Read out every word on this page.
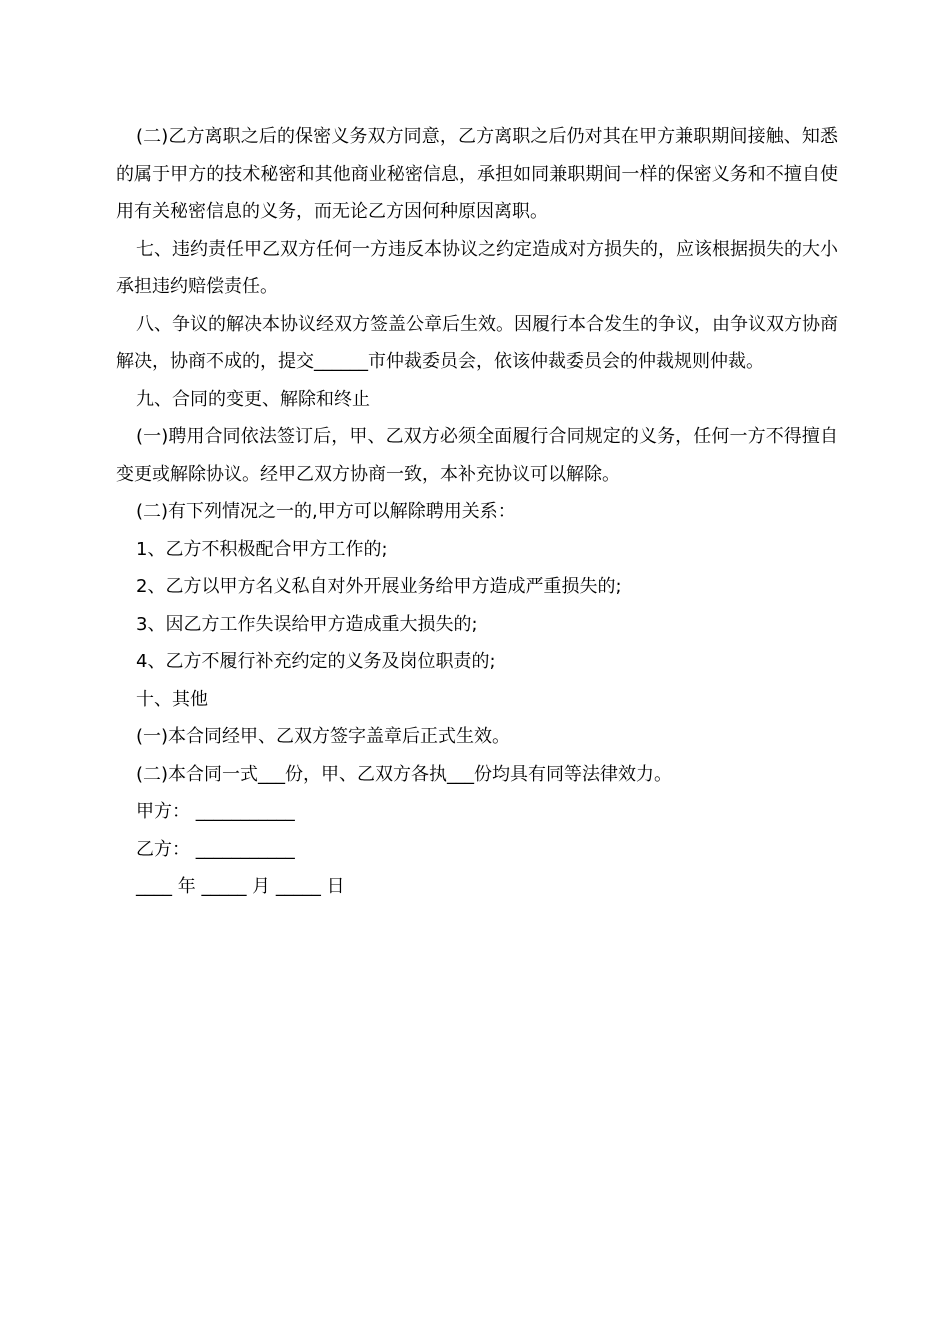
(二)乙方离职之后的保密义务双方同意，乙方离职之后仍对其在甲方兼职期间接触、知悉的属于甲方的技术秘密和其他商业秘密信息，承担如同兼职期间一样的保密义务和不擅自使用有关秘密信息的义务，而无论乙方因何种原因离职。

七、违约责任甲乙双方任何一方违反本协议之约定造成对方损失的，应该根据损失的大小承担违约赔偿责任。

八、争议的解决本协议经双方签盖公章后生效。因履行本合发生的争议，由争议双方协商解决，协商不成的，提交______市仲裁委员会，依该仲裁委员会的仲裁规则仲裁。

九、合同的变更、解除和终止

(一)聘用合同依法签订后，甲、乙双方必须全面履行合同规定的义务，任何一方不得擅自变更或解除协议。经甲乙双方协商一致，本补充协议可以解除。

(二)有下列情况之一的,甲方可以解除聘用关系：

1、乙方不积极配合甲方工作的;

2、乙方以甲方名义私自对外开展业务给甲方造成严重损失的;

3、因乙方工作失误给甲方造成重大损失的;

4、乙方不履行补充约定的义务及岗位职责的;

十、其他

(一)本合同经甲、乙双方签字盖章后正式生效。

(二)本合同一式___份，甲、乙双方各执___份均具有同等法律效力。

甲方： ___________

乙方： ___________

____ 年 _____ 月 _____ 日
